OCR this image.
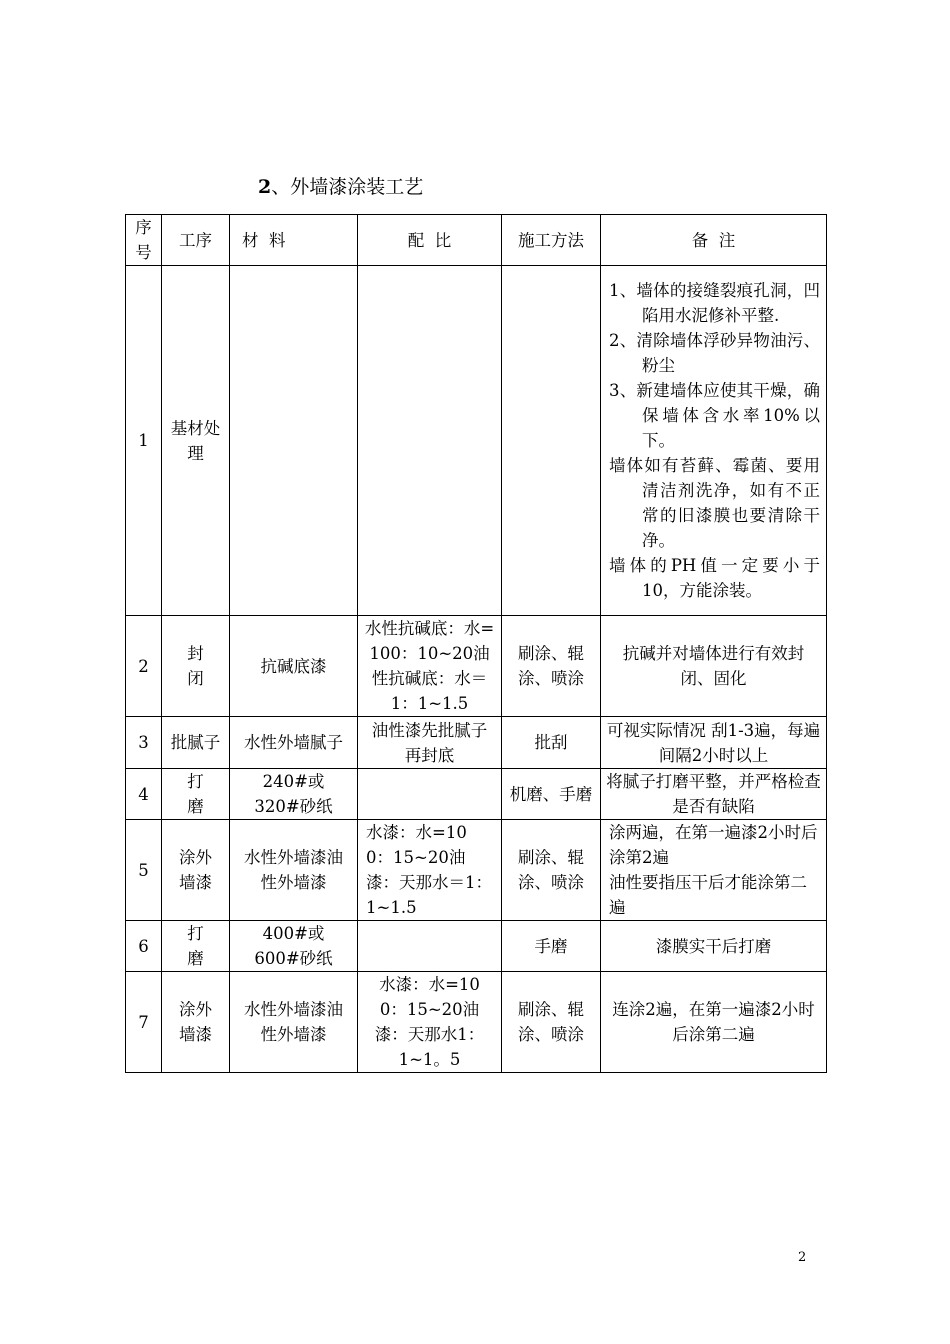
2、外墙漆涂装工艺
序号	工序	材  料	配  比	施工方法	备  注
1	基材处理				1、墙体的接缝裂痕孔洞，凹陷用水泥修补平整.
2、清除墙体浮砂异物油污、粉尘
3、新建墙体应使其干燥，确保墙体含水率10%以下。
墙体如有苔藓、霉菌、要用清洁剂洗净，如有不正常的旧漆膜也要清除干净。
墙体的PH值一定要小于10，方能涂装。

2	封闭	抗碱底漆	水性抗碱底：水=100：10~20油性抗碱底：水＝1：1~1.5	刷涂、辊涂、喷涂	抗碱并对墙体进行有效封闭、固化
3	批腻子	水性外墙腻子	油性漆先批腻子再封底	批刮	可视实际情况 刮1-3遍，每遍间隔2小时以上
4	打磨	240#或320#砂纸		机磨、手磨	将腻子打磨平整，并严格检查是否有缺陷
5	涂外墙漆	水性外墙漆油性外墙漆	水漆：水=100：15~20油漆：天那水＝1：1~1.5	刷涂、辊涂、喷涂	涂两遍，在第一遍漆2小时后涂第2遍
油性要指压干后才能涂第二遍

6	打磨	400#或600#砂纸		手磨	漆膜实干后打磨
7	涂外墙漆	水性外墙漆油性外墙漆	水漆：水=100：15~20油漆：天那水1：1~1。5	刷涂、辊涂、喷涂	连涂2遍，在第一遍漆2小时后涂第二遍
2
